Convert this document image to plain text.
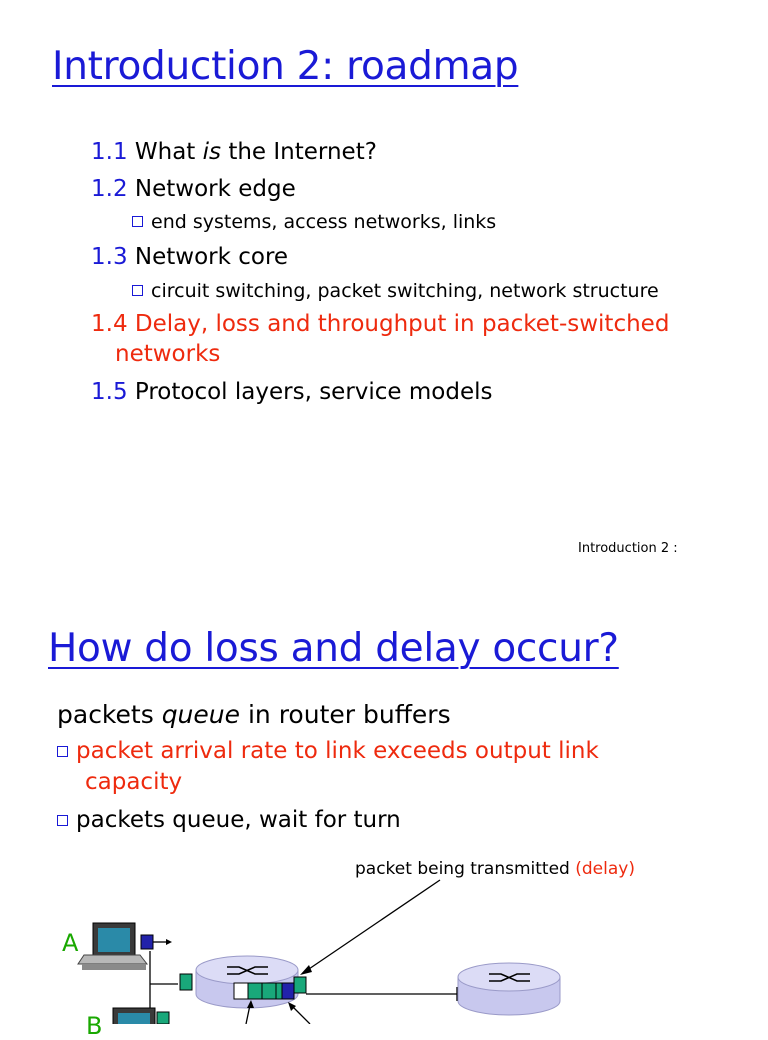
Introduction 2: roadmap
1.1 What is the Internet?
1.2 Network edge
end systems, access networks, links
1.3 Network core
circuit switching, packet switching, network structure
1.4 Delay, loss and throughput in packet-switched
networks
1.5 Protocol layers, service models
Introduction 2 :
How do loss and delay occur?
packets queue in router buffers
packet arrival rate to link exceeds output link
capacity
packets queue, wait for turn
packet being transmitted (delay)
A
B
